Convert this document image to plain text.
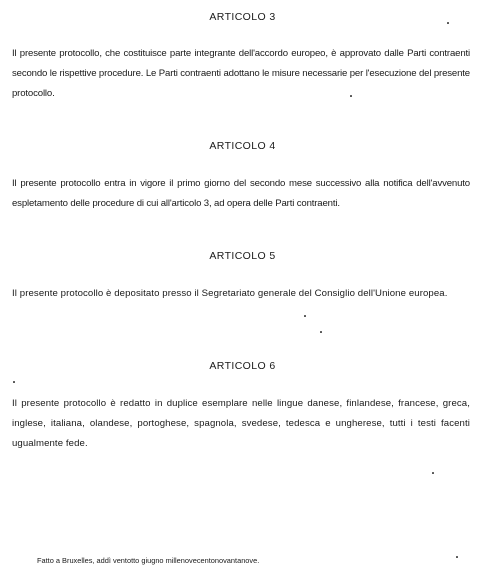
ARTICOLO 3

Il presente protocollo, che costituisce parte integrante dell'accordo europeo, è approvato dalle Parti contraenti secondo le rispettive procedure. Le Parti contraenti adottano le misure necessarie per l'esecuzione del presente protocollo.

ARTICOLO 4

Il presente protocollo entra in vigore il primo giorno del secondo mese successivo alla notifica dell'avvenuto espletamento delle procedure di cui all'articolo 3, ad opera delle Parti contraenti.

ARTICOLO 5

Il presente protocollo è depositato presso il Segretariato generale del Consiglio dell'Unione europea.

ARTICOLO 6

Il presente protocollo è redatto in duplice esemplare nelle lingue danese, finlandese, francese, greca, inglese, italiana, olandese, portoghese, spagnola, svedese, tedesca e ungherese, tutti i testi facenti ugualmente fede.

Fatto a Bruxelles, addì ventotto giugno millenovecentonovantanove.
